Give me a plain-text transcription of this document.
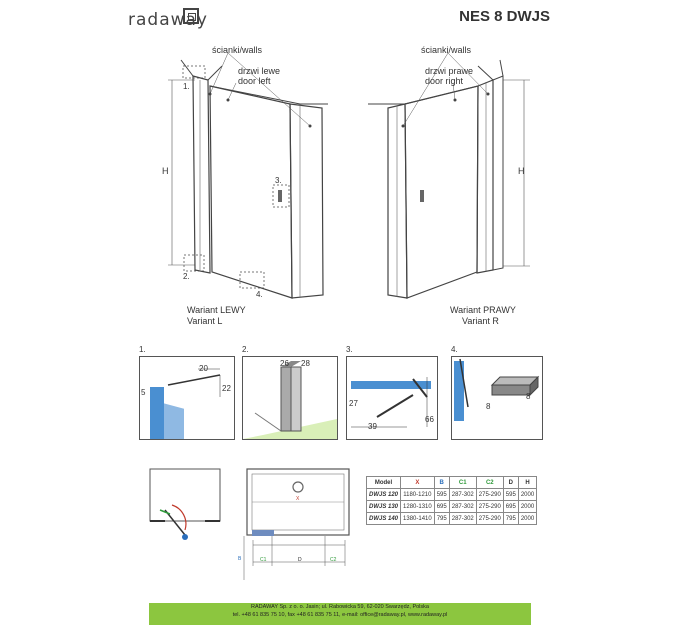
radaway	NES 8 DWJS
ścianki/walls
drzwi lewe
door left
1.
2.
3.
4.
H
Wariant LEWY
Variant L
ścianki/walls
drzwi prawe
door right
H
Wariant PRAWY
Variant R
1.
20
5	22
2.
26 28
3.
27
39
66
4.
8
8
X
C1	D	C2
B
Model	X	B	C1	C2	D	H
DWJS 120	1180-1210	595	287-302	275-290	595	2000
DWJS 130	1280-1310	695	287-302	275-290	695	2000
DWJS 140	1380-1410	795	287-302	275-290	795	2000
RADAWAY Sp. z o. o. Jasin; ul. Rabowicka 59, 62-020 Swarzędz, Polska
tel. +48 61 835 75 10, fax +48 61 835 75 11, e-mail: office@radaway.pl, www.radaway.pl
